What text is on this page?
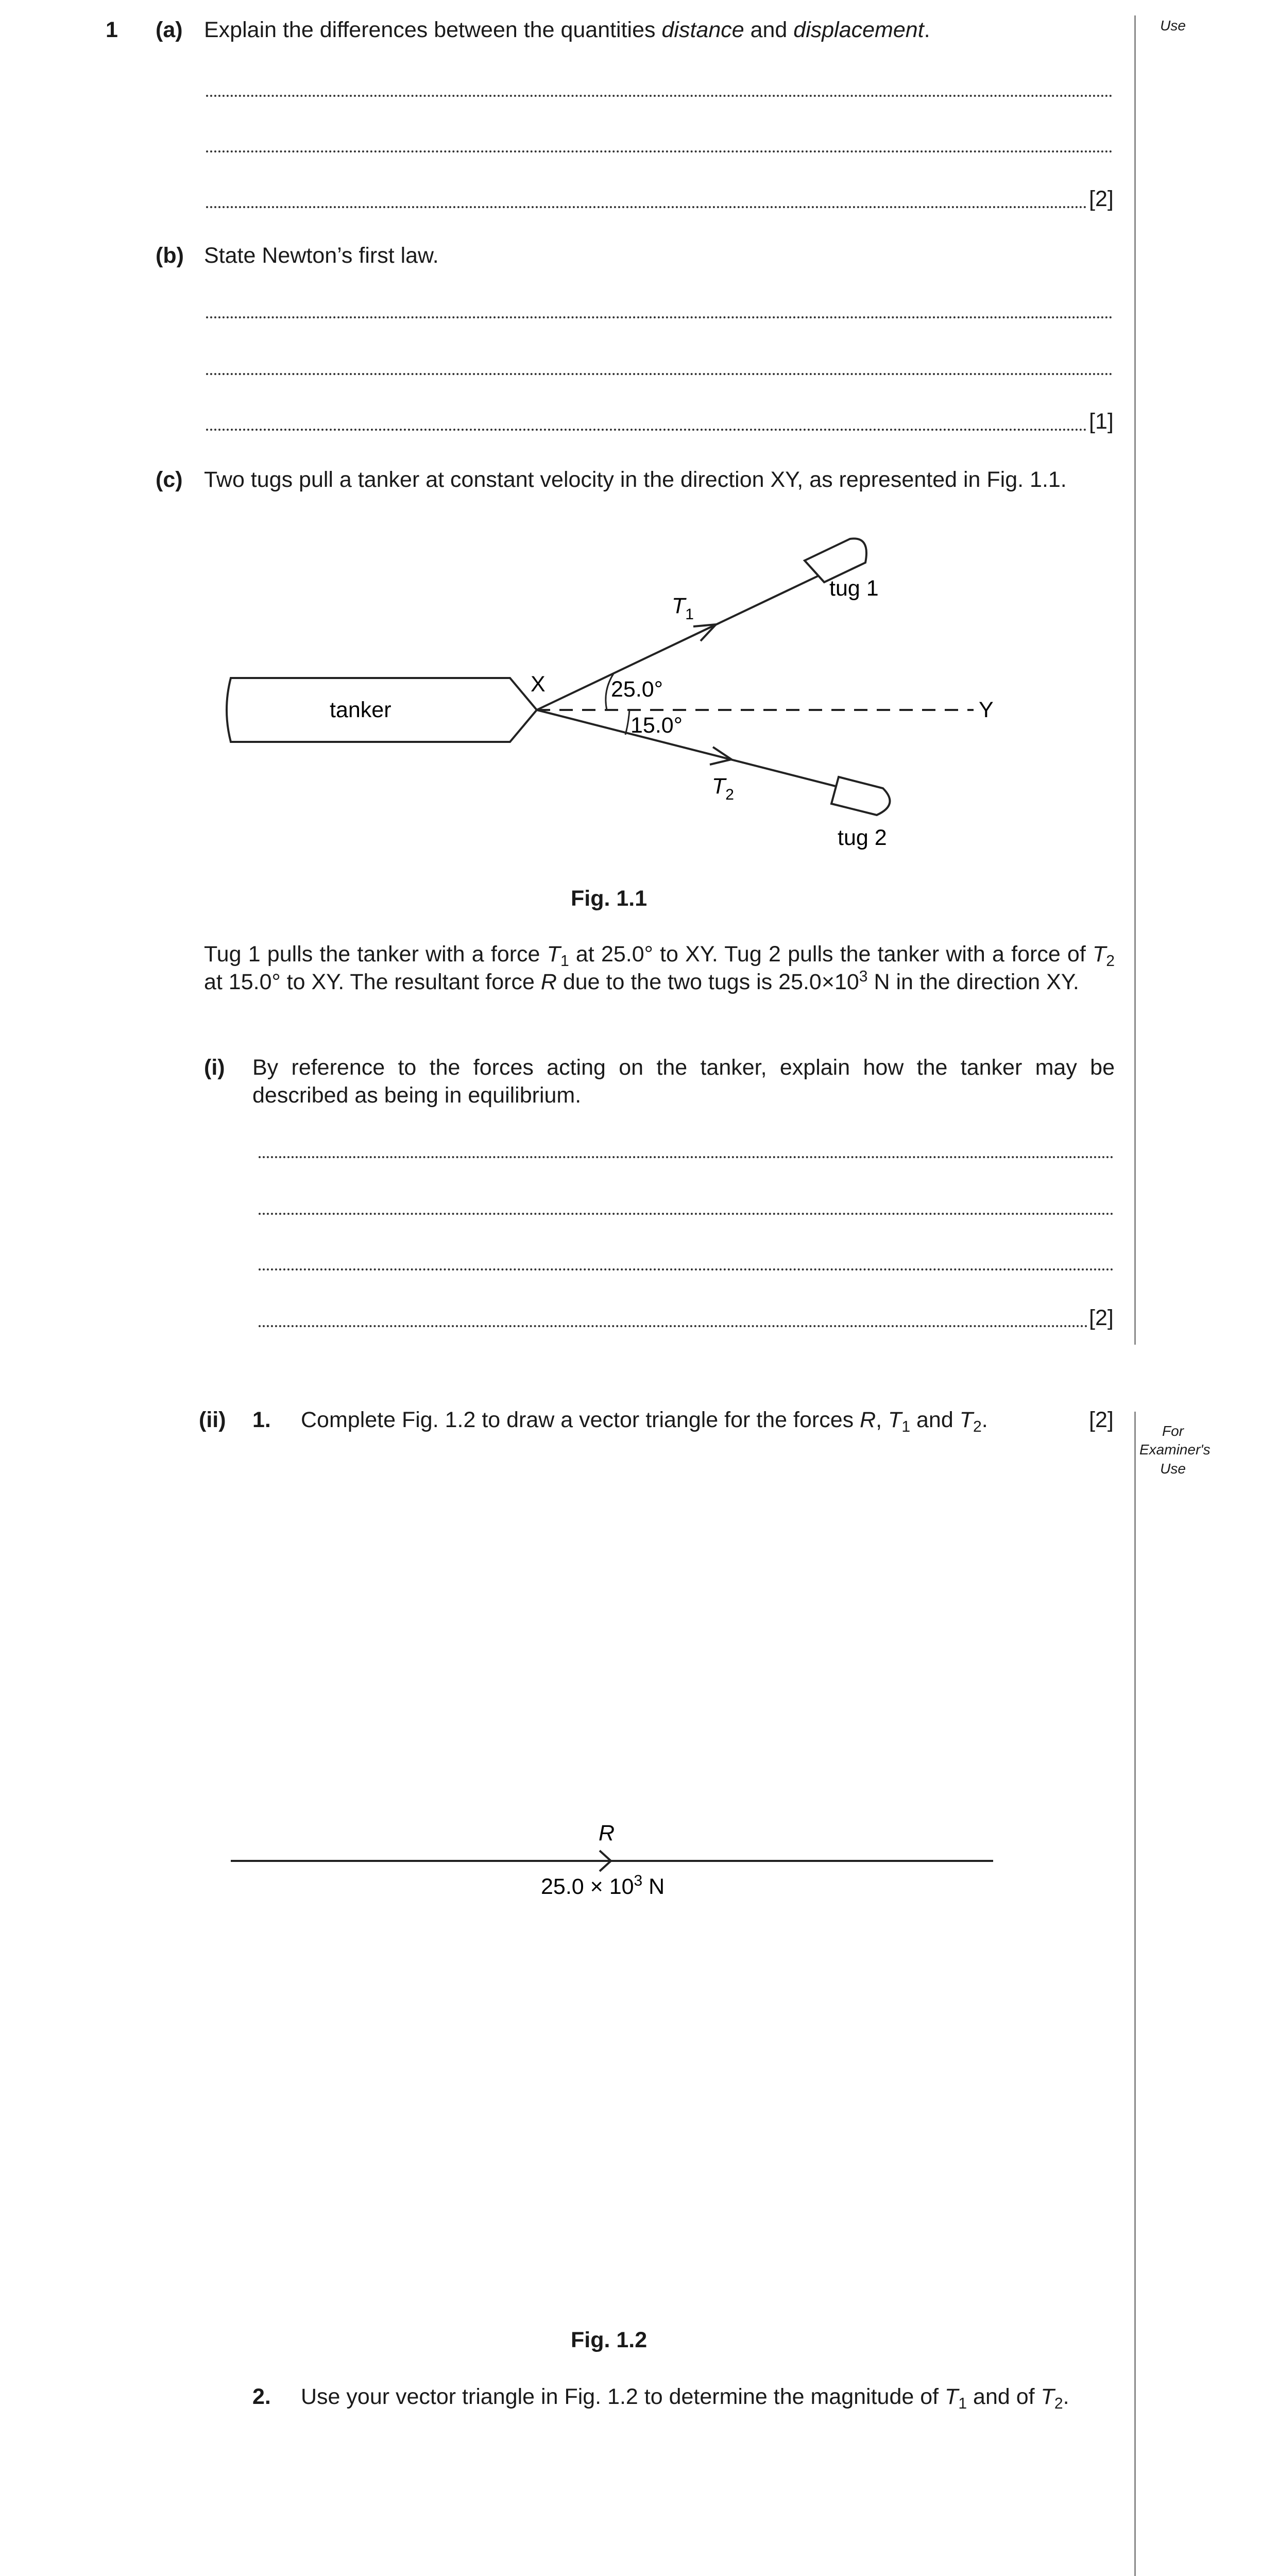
Use
For
Examiner's
Use
1 (a) Explain the differences between the quantities distance and displacement.
[2]
(b) State Newton’s first law.
[1]
(c) Two tugs pull a tanker at constant velocity in the direction XY, as represented in Fig. 1.1.
tanker
X
Y
25.0°
15.0°
$T_1$
$T_2$
tug 1
tug 2
Fig. 1.1
Tug 1 pulls the tanker with a force $T_1$ at 25.0° to XY. Tug 2 pulls the tanker with a force of $T_2$ at 15.0° to XY. The resultant force R due to the two tugs is $25.0\times 10^3$ N in the direction XY.
(i) By reference to the forces acting on the tanker, explain how the tanker may be described as being in equilibrium.
[2]
(ii) 1. Complete Fig. 1.2 to draw a vector triangle for the forces R, $T_1$ and $T_2$.	[2]
R
$25.0 \times 10^3$ N
Fig. 1.2
2. Use your vector triangle in Fig. 1.2 to determine the magnitude of $T_1$ and of $T_2$.
